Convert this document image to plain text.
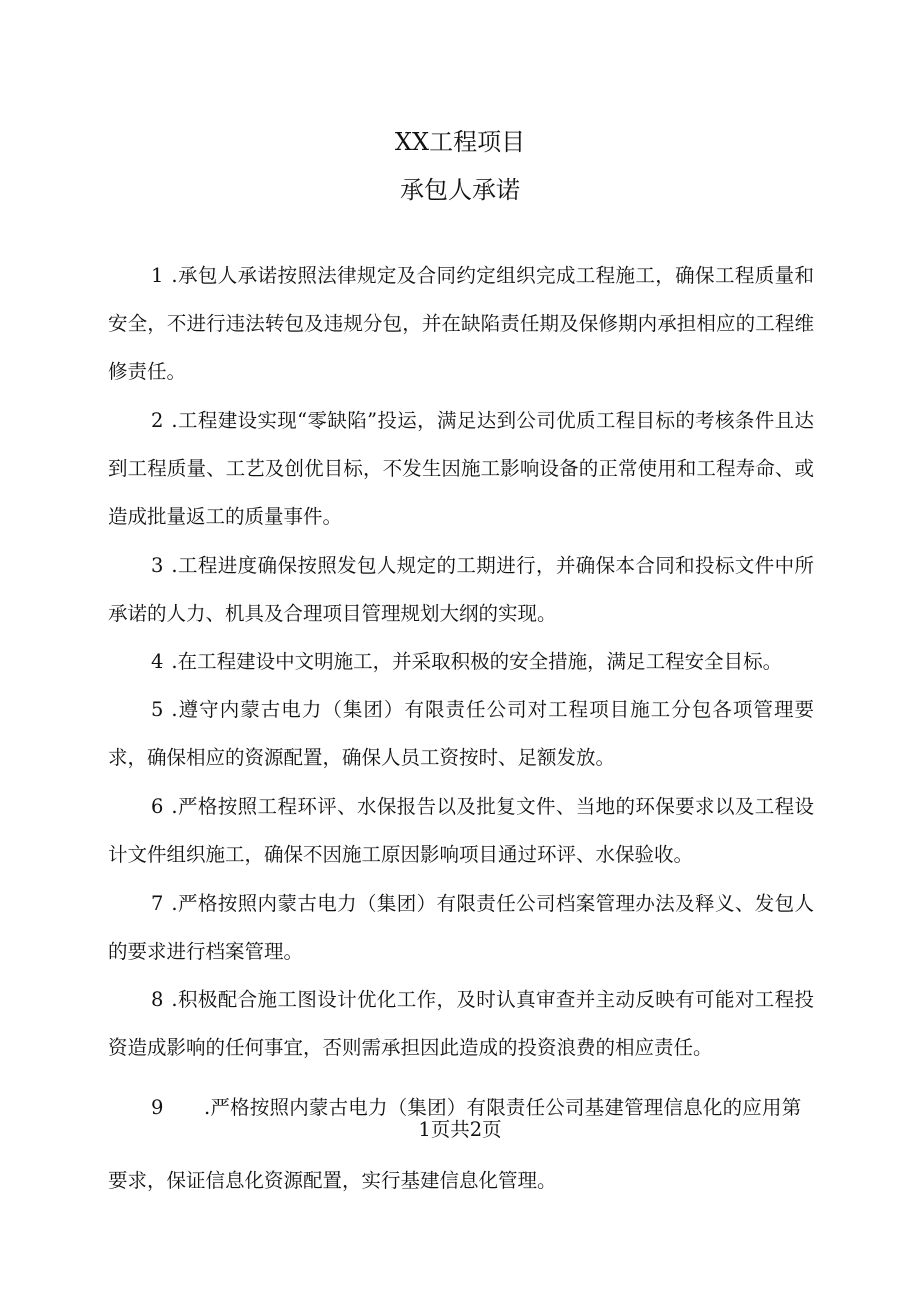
XX工程项目
承包人承诺

1 .承包人承诺按照法律规定及合同约定组织完成工程施工，确保工程质量和安全，不进行违法转包及违规分包，并在缺陷责任期及保修期内承担相应的工程维修责任。

2 .工程建设实现“零缺陷”投运，满足达到公司优质工程目标的考核条件且达到工程质量、工艺及创优目标，不发生因施工影响设备的正常使用和工程寿命、或造成批量返工的质量事件。

3 .工程进度确保按照发包人规定的工期进行，并确保本合同和投标文件中所承诺的人力、机具及合理项目管理规划大纲的实现。

4 .在工程建设中文明施工，并采取积极的安全措施，满足工程安全目标。

5 .遵守内蒙古电力（集团）有限责任公司对工程项目施工分包各项管理要求，确保相应的资源配置，确保人员工资按时、足额发放。

6 .严格按照工程环评、水保报告以及批复文件、当地的环保要求以及工程设计文件组织施工，确保不因施工原因影响项目通过环评、水保验收。

7 .严格按照内蒙古电力（集团）有限责任公司档案管理办法及释义、发包人的要求进行档案管理。

8 .积极配合施工图设计优化工作，及时认真审查并主动反映有可能对工程投资造成影响的任何事宜，否则需承担因此造成的投资浪费的相应责任。

9 .严格按照内蒙古电力（集团）有限责任公司基建管理信息化的应用第

1页共2页

要求，保证信息化资源配置，实行基建信息化管理。
